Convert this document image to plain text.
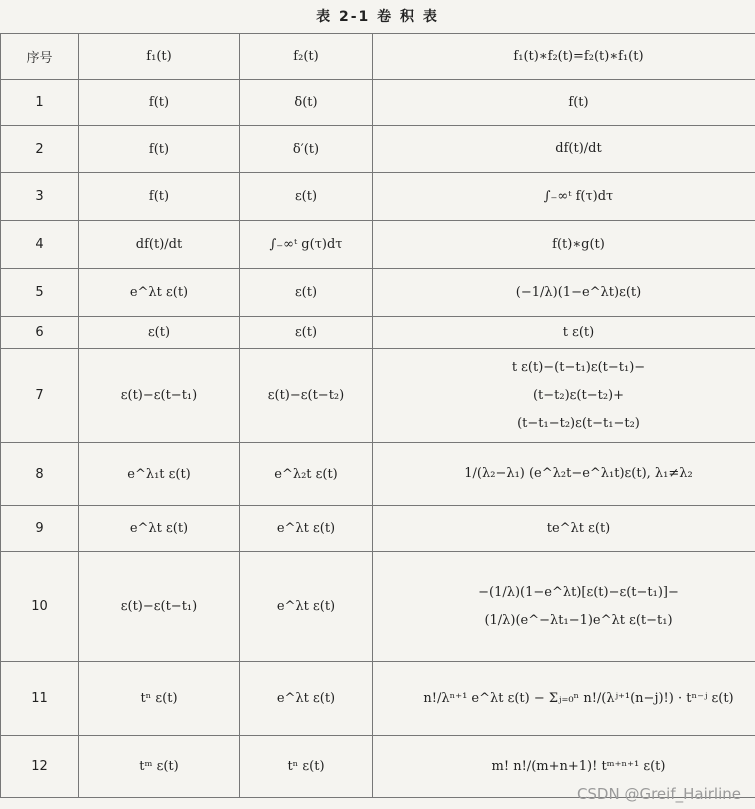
表 2-1 卷 积 表
序号	f₁(t)	f₂(t)	f₁(t)∗f₂(t)=f₂(t)∗f₁(t)
1	f(t)	δ(t)	f(t)

2	f(t)	δ′(t)	df(t)/dt

3	f(t)	ε(t)	∫₋∞ᵗ f(τ)dτ

4	df(t)/dt	∫₋∞ᵗ g(τ)dτ	f(t)∗g(t)

5	e^λt ε(t)	ε(t)	(−1/λ)(1−e^λt)ε(t)

6	ε(t)	ε(t)	t ε(t)

7	ε(t)−ε(t−t₁)	ε(t)−ε(t−t₂)	t ε(t)−(t−t₁)ε(t−t₁)−
(t−t₂)ε(t−t₂)+
(t−t₁−t₂)ε(t−t₁−t₂)

8	e^λ₁t ε(t)	e^λ₂t ε(t)	1/(λ₂−λ₁) (e^λ₂t−e^λ₁t)ε(t), λ₁≠λ₂

9	e^λt ε(t)	e^λt ε(t)	te^λt ε(t)

10	ε(t)−ε(t−t₁)	e^λt ε(t)	−(1/λ)(1−e^λt)[ε(t)−ε(t−t₁)]−
(1/λ)(e^−λt₁−1)e^λt ε(t−t₁)

11	tⁿ ε(t)	e^λt ε(t)	n!/λⁿ⁺¹ e^λt ε(t) − Σⱼ₌₀ⁿ n!/(λʲ⁺¹(n−j)!) · tⁿ⁻ʲ ε(t)

12	tᵐ ε(t)	tⁿ ε(t)	m! n!/(m+n+1)! tᵐ⁺ⁿ⁺¹ ε(t)
CSDN @Greif_Hairline
